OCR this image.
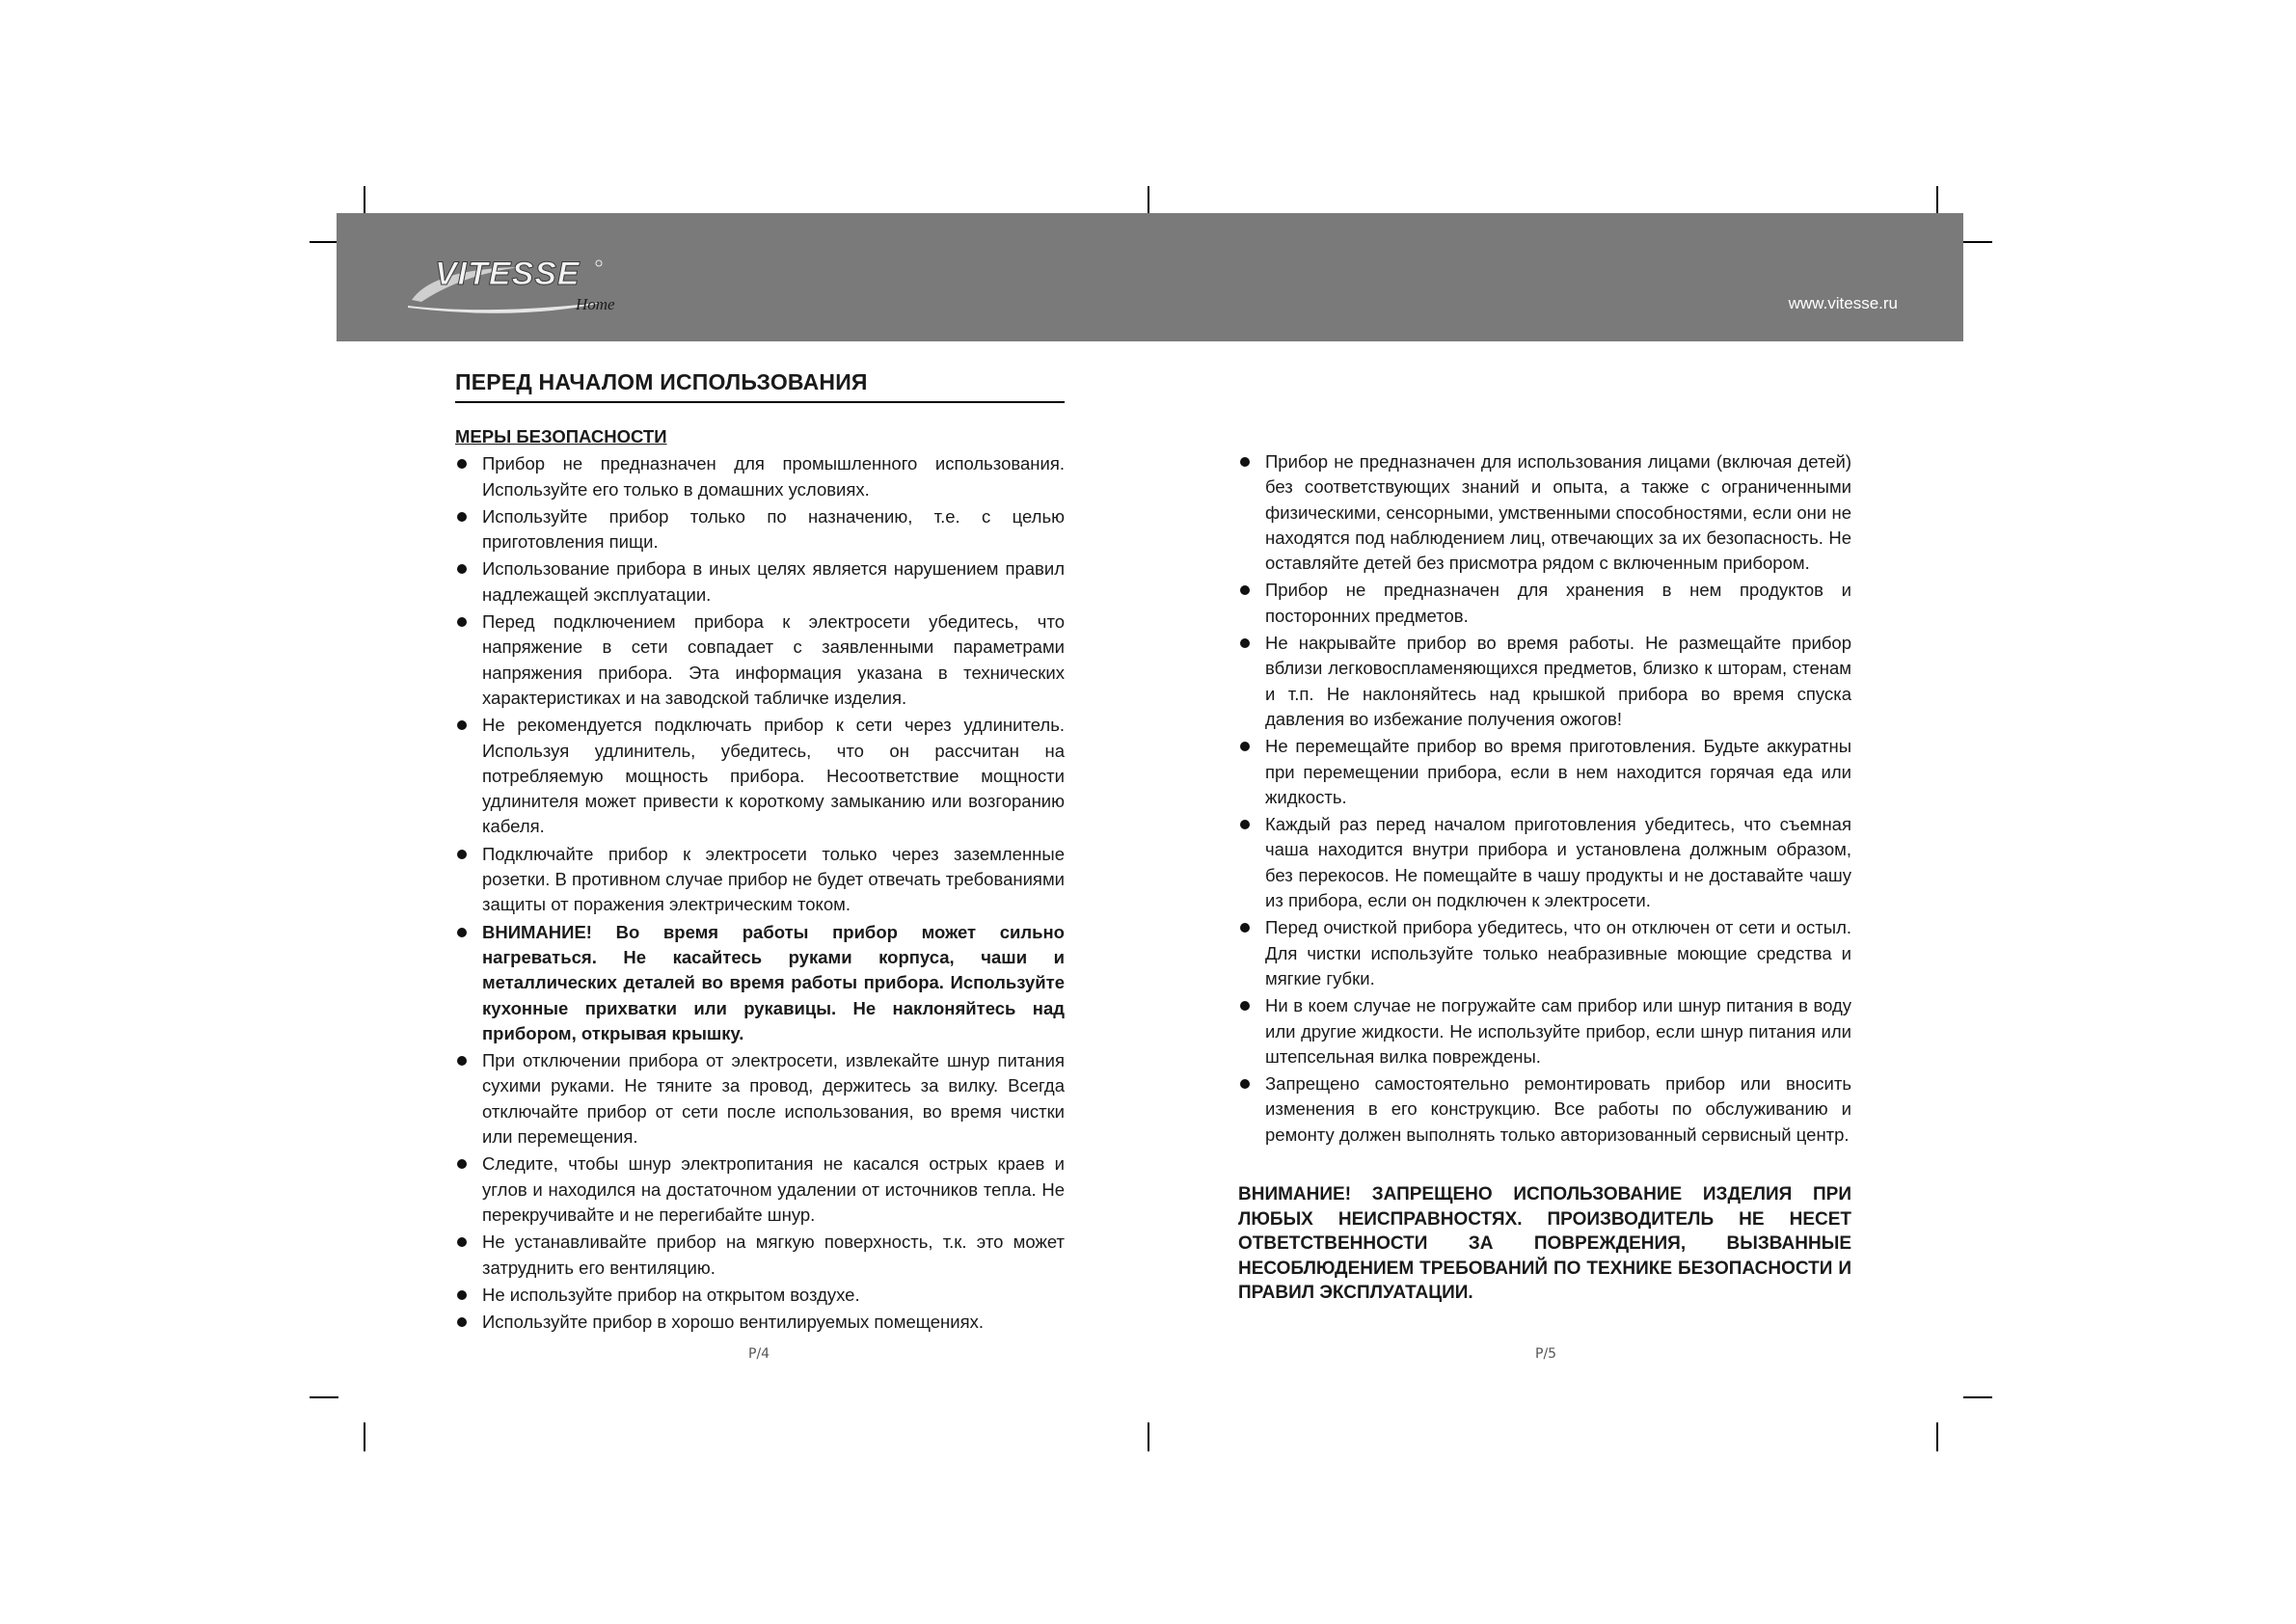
VITESSE
Home	www.vitesse.ru
ПЕРЕД НАЧАЛОМ ИСПОЛЬЗОВАНИЯ
МЕРЫ БЕЗОПАСНОСТИ
Прибор не предназначен для промышленного использования. Используйте его только в домашних условиях.
Используйте прибор только по назначению, т.е. с целью приготовления пищи.
Использование прибора в иных целях является нарушением правил надлежащей эксплуатации.
Перед подключением прибора к электросети убедитесь, что напряжение в сети совпадает с заявленными параметрами напряжения прибора. Эта информация указана в технических характеристиках и на заводской табличке изделия.
Не рекомендуется подключать прибор к сети через удлинитель. Используя удлинитель, убедитесь, что он рассчитан на потребляемую мощность прибора. Несоответствие мощности удлинителя может привести к короткому замыканию или возгоранию кабеля.
Подключайте прибор к электросети только через заземленные розетки. В противном случае прибор не будет отвечать требованиями защиты от поражения электрическим током.
ВНИМАНИЕ! Во время работы прибор может сильно нагреваться. Не касайтесь руками корпуса, чаши и металлических деталей во время работы прибора. Используйте кухонные прихватки или рукавицы. Не наклоняйтесь над прибором, открывая крышку.
При отключении прибора от электросети, извлекайте шнур питания сухими руками. Не тяните за провод, держитесь за вилку. Всегда отключайте прибор от сети после использования, во время чистки или перемещения.
Следите, чтобы шнур электропитания не касался острых краев и углов и находился на достаточном удалении от источников тепла. Не перекручивайте и не перегибайте шнур.
Не устанавливайте прибор на мягкую поверхность, т.к. это может затруднить его вентиляцию.
Не используйте прибор на открытом воздухе.
Используйте прибор в хорошо вентилируемых помещениях.
Прибор не предназначен для использования лицами (включая детей) без соответствующих знаний и опыта, а также с ограниченными физическими, сенсорными, умственными способностями, если они не находятся под наблюдением лиц, отвечающих за их безопасность. Не оставляйте детей без присмотра рядом с включенным прибором.
Прибор не предназначен для хранения в нем продуктов и посторонних предметов.
Не накрывайте прибор во время работы. Не размещайте прибор вблизи легковоспламеняющихся предметов, близко к шторам, стенам и т.п. Не наклоняйтесь над крышкой прибора во время спуска давления во избежание получения ожогов!
Не перемещайте прибор во время приготовления. Будьте аккуратны при перемещении прибора, если в нем находится горячая еда или жидкость.
Каждый раз перед началом приготовления убедитесь, что съемная чаша находится внутри прибора и установлена должным образом, без перекосов. Не помещайте в чашу продукты и не доставайте чашу из прибора, если он подключен к электросети.
Перед очисткой прибора убедитесь, что он отключен от сети и остыл. Для чистки используйте только неабразивные моющие средства и мягкие губки.
Ни в коем случае не погружайте сам прибор или шнур питания в воду или другие жидкости. Не используйте прибор, если шнур питания или штепсельная вилка повреждены.
Запрещено самостоятельно ремонтировать прибор или вносить изменения в его конструкцию. Все работы по обслуживанию и ремонту должен выполнять только авторизованный сервисный центр.
ВНИМАНИЕ! ЗАПРЕЩЕНО ИСПОЛЬЗОВАНИЕ ИЗДЕЛИЯ ПРИ ЛЮБЫХ НЕИСПРАВНОСТЯХ. ПРОИЗВОДИТЕЛЬ НЕ НЕСЕТ ОТВЕТСТВЕННОСТИ ЗА ПОВРЕЖДЕНИЯ, ВЫЗВАННЫЕ НЕСОБЛЮДЕНИЕМ ТРЕБОВАНИЙ ПО ТЕХНИКЕ БЕЗОПАСНОСТИ И ПРАВИЛ ЭКСПЛУАТАЦИИ.
P/4	P/5
